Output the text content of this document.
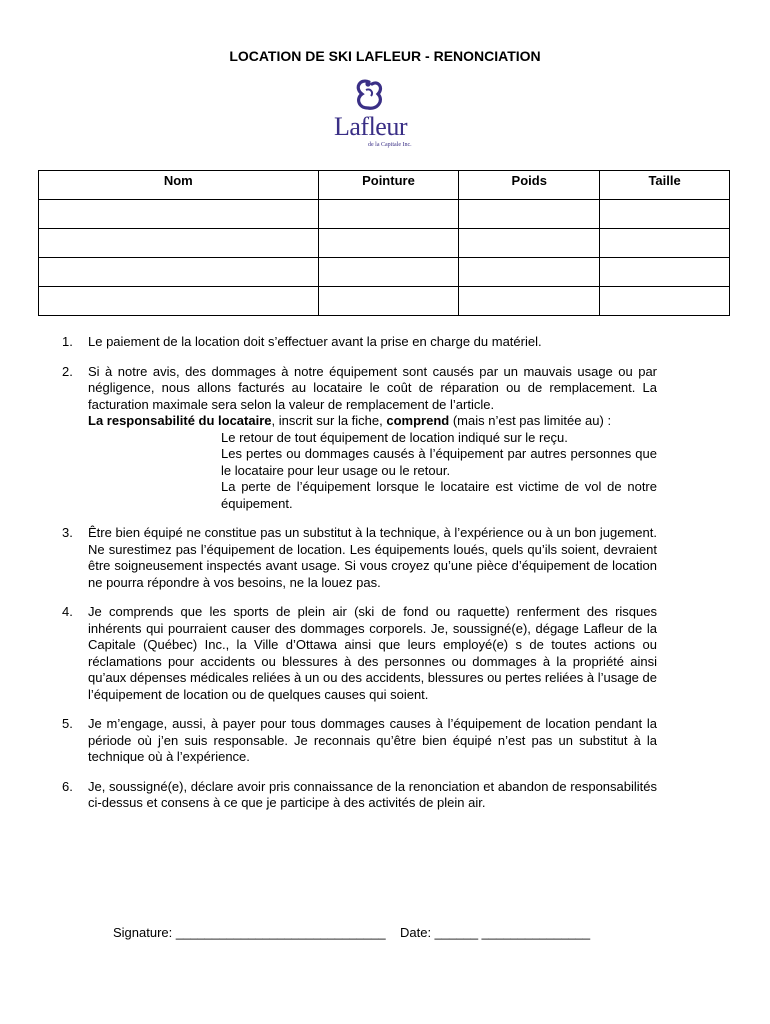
LOCATION DE SKI LAFLEUR - RENONCIATION
Lafleur
de la Capitale Inc.
Nom	Pointure	Poids	Taille

1. Le paiement de la location doit s’effectuer avant la prise en charge du matériel.
2. Si à notre avis, des dommages à notre équipement sont causés par un mauvais usage ou par négligence, nous allons facturés au locataire le coût de réparation ou de remplacement. La facturation maximale sera selon la valeur de remplacement de l’article.
La responsabilité du locataire, inscrit sur la fiche, comprend (mais n’est pas limitée au) :
Le retour de tout équipement de location indiqué sur le reçu.
Les pertes ou dommages causés à l’équipement par autres personnes que le locataire pour leur usage ou le retour.
La perte de l’équipement lorsque le locataire est victime de vol de notre équipement.
3. Être bien équipé ne constitue pas un substitut à la technique, à l’expérience ou à un bon jugement. Ne surestimez pas l’équipement de location. Les équipements loués, quels qu’ils soient, devraient être soigneusement inspectés avant usage. Si vous croyez qu’une pièce d’équipement de location ne pourra répondre à vos besoins, ne la louez pas.
4. Je comprends que les sports de plein air (ski de fond ou raquette) renferment des risques inhérents qui pourraient causer des dommages corporels. Je, soussigné(e), dégage Lafleur de la Capitale (Québec) Inc., la Ville d’Ottawa ainsi que leurs employé(e) s de toutes actions ou réclamations pour accidents ou blessures à des personnes ou dommages à la propriété ainsi qu’aux dépenses médicales reliées à un ou des accidents, blessures ou pertes reliées à l’usage de l’équipement de location ou de quelques causes qui soient.
5. Je m’engage, aussi, à payer pour tous dommages causes à l’équipement de location pendant la période où j’en suis responsable. Je reconnais qu’être bien équipé n’est pas un substitut à la technique où à l’expérience.
6. Je, soussigné(e), déclare avoir pris connaissance de la renonciation et abandon de responsabilités ci-dessus et consens à ce que je participe à des activités de plein air.
Signature: _____________________________    Date: ______ _______________
